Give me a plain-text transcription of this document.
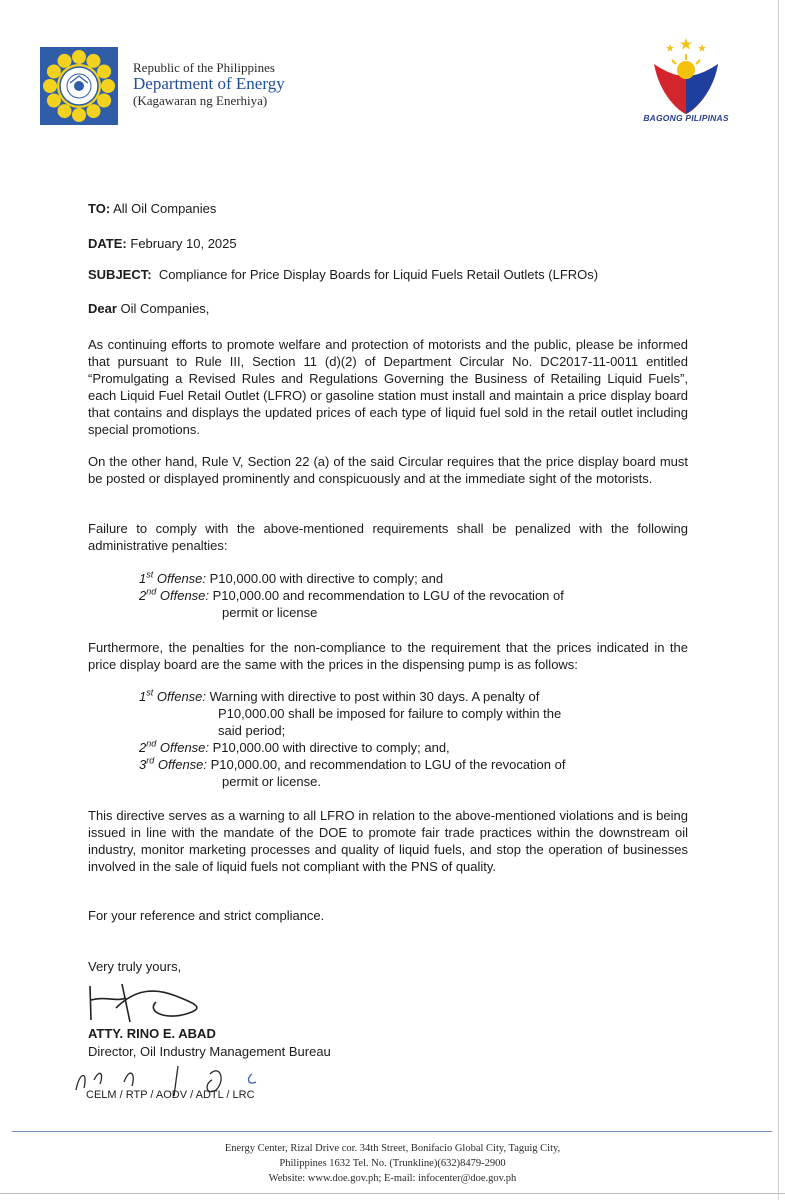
Republic of the Philippines
Department of Energy
(Kagawaran ng Enerhiya)
BAGONG PILIPINAS
TO: All Oil Companies
DATE: February 10, 2025
SUBJECT: Compliance for Price Display Boards for Liquid Fuels Retail Outlets (LFROs)
Dear Oil Companies,
As continuing efforts to promote welfare and protection of motorists and the public, please be informed that pursuant to Rule III, Section 11 (d)(2) of Department Circular No. DC2017-11-0011 entitled “Promulgating a Revised Rules and Regulations Governing the Business of Retailing Liquid Fuels”, each Liquid Fuel Retail Outlet (LFRO) or gasoline station must install and maintain a price display board that contains and displays the updated prices of each type of liquid fuel sold in the retail outlet including special promotions.
On the other hand, Rule V, Section 22 (a) of the said Circular requires that the price display board must be posted or displayed prominently and conspicuously and at the immediate sight of the motorists.
Failure to comply with the above-mentioned requirements shall be penalized with the following administrative penalties:
1st Offense: P10,000.00 with directive to comply; and
2nd Offense: P10,000.00 and recommendation to LGU of the revocation of
permit or license
Furthermore, the penalties for the non-compliance to the requirement that the prices indicated in the price display board are the same with the prices in the dispensing pump is as follows:
1st Offense: Warning with directive to post within 30 days. A penalty of
P10,000.00 shall be imposed for failure to comply within the
said period;
2nd Offense: P10,000.00 with directive to comply; and,
3rd Offense: P10,000.00, and recommendation to LGU of the revocation of
permit or license.
This directive serves as a warning to all LFRO in relation to the above-mentioned violations and is being issued in line with the mandate of the DOE to promote fair trade practices within the downstream oil industry, monitor marketing processes and quality of liquid fuels, and stop the operation of businesses involved in the sale of liquid fuels not compliant with the PNS of quality.
For your reference and strict compliance.
Very truly yours,
ATTY. RINO E. ABAD
Director, Oil Industry Management Bureau
CELM / RTP / AODV / ADTL / LRC
Energy Center, Rizal Drive cor. 34th Street, Bonifacio Global City, Taguig City,
Philippines 1632 Tel. No. (Trunkline)(632)8479-2900
Website: www.doe.gov.ph; E-mail: infocenter@doe.gov.ph
